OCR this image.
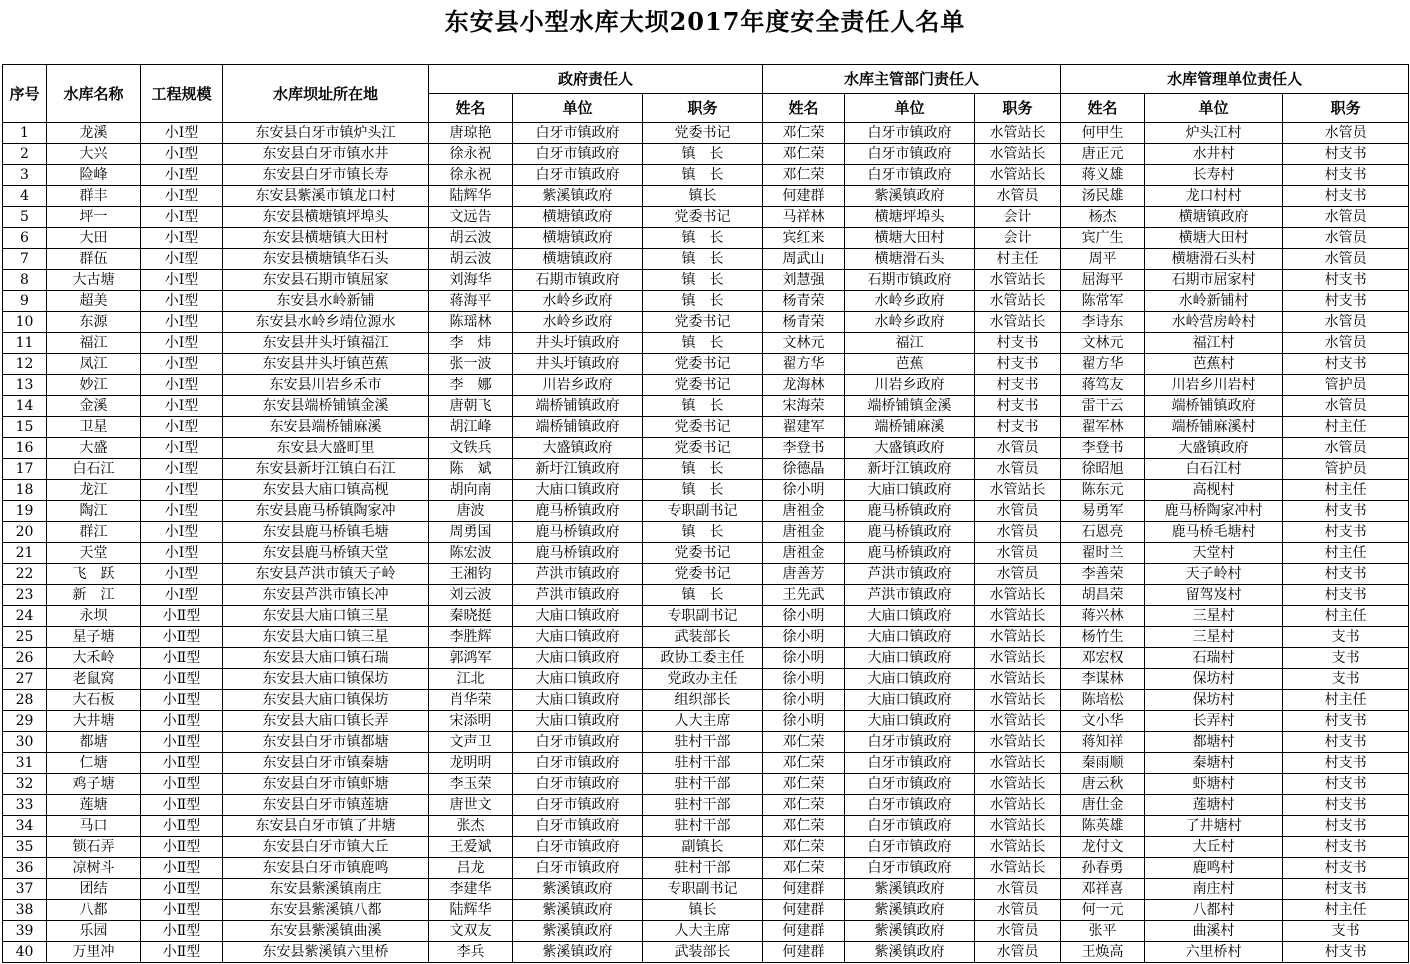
东安县小型水库大坝2017年度安全责任人名单
序号	水库名称	工程规模	水库坝址所在地	政府责任人			水库主管部门责任人			水库管理单位责任人		
				姓名	单位	职务	姓名	单位	职务	姓名	单位	职务
1	龙溪	小Ⅰ型	东安县白牙市镇炉头江	唐琼艳	白牙市镇政府	党委书记	邓仁荣	白牙市镇政府	水管站长	何甲生	炉头江村	水管员
2	大兴	小Ⅰ型	东安县白牙市镇水井	徐永祝	白牙市镇政府	镇　长	邓仁荣	白牙市镇政府	水管站长	唐正元	水井村	村支书
3	险峰	小Ⅰ型	东安县白牙市镇长寿	徐永祝	白牙市镇政府	镇　长	邓仁荣	白牙市镇政府	水管站长	蒋义雄	长寿村	村支书
4	群丰	小Ⅰ型	东安县紫溪市镇龙口村	陆辉华	紫溪镇政府	镇长	何建群	紫溪镇政府	水管员	汤民雄	龙口村村	村支书
5	坪一	小Ⅰ型	东安县横塘镇坪埠头	文远告	横塘镇政府	党委书记	马祥林	横塘坪埠头	会计	杨杰	横塘镇政府	水管员
6	大田	小Ⅰ型	东安县横塘镇大田村	胡云波	横塘镇政府	镇　长	宾红来	横塘大田村	会计	宾广生	横塘大田村	水管员
7	群伍	小Ⅰ型	东安县横塘镇华石头	胡云波	横塘镇政府	镇　长	周武山	横塘滑石头	村主任	周平	横塘滑石头村	水管员
8	大古塘	小Ⅰ型	东安县石期市镇屈家	刘海华	石期市镇政府	镇　长	刘慧强	石期市镇政府	水管站长	屈海平	石期市屈家村	村支书
9	超美	小Ⅰ型	东安县水岭新铺	蒋海平	水岭乡政府	镇　长	杨青荣	水岭乡政府	水管站长	陈常军	水岭新铺村	村支书
10	东源	小Ⅰ型	东安县水岭乡靖位源水	陈瑶林	水岭乡政府	党委书记	杨青荣	水岭乡政府	水管站长	李诗东	水岭营房岭村	水管员
11	福江	小Ⅰ型	东安县井头圩镇福江	李　炜	井头圩镇政府	镇　长	文林元	福江	村支书	文林元	福江村	水管员
12	凤江	小Ⅰ型	东安县井头圩镇芭蕉	张一波	井头圩镇政府	党委书记	翟方华	芭蕉	村支书	翟方华	芭蕉村	村支书
13	妙江	小Ⅰ型	东安县川岩乡禾市	李　娜	川岩乡政府	党委书记	龙海林	川岩乡政府	村支书	蒋笃友	川岩乡川岩村	管护员
14	金溪	小Ⅰ型	东安县端桥铺镇金溪	唐朝飞	端桥铺镇政府	镇　长	宋海荣	端桥铺镇金溪	村支书	雷干云	端桥铺镇政府	水管员
15	卫星	小Ⅰ型	东安县端桥铺麻溪	胡江峰	端桥铺镇政府	党委书记	翟建军	端桥铺麻溪	村支书	翟军林	端桥铺麻溪村	村主任
16	大盛	小Ⅰ型	东安县大盛町里	文铁兵	大盛镇政府	党委书记	李登书	大盛镇政府	水管员	李登书	大盛镇政府	水管员
17	白石江	小Ⅰ型	东安县新圩江镇白石江	陈　斌	新圩江镇政府	镇　长	徐德晶	新圩江镇政府	水管员	徐昭旭	白石江村	管护员
18	龙江	小Ⅰ型	东安县大庙口镇高枧	胡向南	大庙口镇政府	镇　长	徐小明	大庙口镇政府	水管站长	陈东元	高枧村	村主任
19	陶江	小Ⅰ型	东安县鹿马桥镇陶家冲	唐波	鹿马桥镇政府	专职副书记	唐祖金	鹿马桥镇政府	水管员	易勇军	鹿马桥陶家冲村	村支书
20	群江	小Ⅰ型	东安县鹿马桥镇毛塘	周勇国	鹿马桥镇政府	镇　长	唐祖金	鹿马桥镇政府	水管员	石恩亮	鹿马桥毛塘村	村支书
21	天堂	小Ⅰ型	东安县鹿马桥镇天堂	陈宏波	鹿马桥镇政府	党委书记	唐祖金	鹿马桥镇政府	水管员	翟时兰	天堂村	村主任
22	飞　跃	小Ⅰ型	东安县芦洪市镇天子岭	王湘钧	芦洪市镇政府	党委书记	唐善芳	芦洪市镇政府	水管员	李善荣	天子岭村	村支书
23	新　江	小Ⅰ型	东安县芦洪市镇长冲	刘云波	芦洪市镇政府	镇　长	王先武	芦洪市镇政府	水管站长	胡昌荣	留驾岌村	村支书
24	永坝	小Ⅱ型	东安县大庙口镇三星	秦晓挺	大庙口镇政府	专职副书记	徐小明	大庙口镇政府	水管站长	蒋兴林	三星村	村主任
25	星子塘	小Ⅱ型	东安县大庙口镇三星	李胜辉	大庙口镇政府	武装部长	徐小明	大庙口镇政府	水管站长	杨竹生	三星村	支书
26	大禾岭	小Ⅱ型	东安县大庙口镇石瑞	郭鸿军	大庙口镇政府	政协工委主任	徐小明	大庙口镇政府	水管站长	邓宏权	石瑞村	支书
27	老鼠窝	小Ⅱ型	东安县大庙口镇保坊	江北	大庙口镇政府	党政办主任	徐小明	大庙口镇政府	水管站长	李谋林	保坊村	支书
28	大石板	小Ⅱ型	东安县大庙口镇保坊	肖华荣	大庙口镇政府	组织部长	徐小明	大庙口镇政府	水管站长	陈培松	保坊村	村主任
29	大井塘	小Ⅱ型	东安县大庙口镇长弄	宋添明	大庙口镇政府	人大主席	徐小明	大庙口镇政府	水管站长	文小华	长弄村	村支书
30	都塘	小Ⅱ型	东安县白牙市镇都塘	文声卫	白牙市镇政府	驻村干部	邓仁荣	白牙市镇政府	水管站长	蒋知祥	都塘村	村支书
31	仁塘	小Ⅱ型	东安县白牙市镇秦塘	龙明明	白牙市镇政府	驻村干部	邓仁荣	白牙市镇政府	水管站长	秦雨顺	秦塘村	村支书
32	鸡子塘	小Ⅱ型	东安县白牙市镇虾塘	李玉荣	白牙市镇政府	驻村干部	邓仁荣	白牙市镇政府	水管站长	唐云秋	虾塘村	村支书
33	莲塘	小Ⅱ型	东安县白牙市镇莲塘	唐世文	白牙市镇政府	驻村干部	邓仁荣	白牙市镇政府	水管站长	唐仕金	莲塘村	村支书
34	马口	小Ⅱ型	东安县白牙市镇了井塘	张杰	白牙市镇政府	驻村干部	邓仁荣	白牙市镇政府	水管站长	陈英雄	了井塘村	村支书
35	锁石弄	小Ⅱ型	东安县白牙市镇大丘	王爱斌	白牙市镇政府	副镇长	邓仁荣	白牙市镇政府	水管站长	龙付文	大丘村	村支书
36	凉树斗	小Ⅱ型	东安县白牙市镇鹿鸣	吕龙	白牙市镇政府	驻村干部	邓仁荣	白牙市镇政府	水管站长	孙春勇	鹿鸣村	村支书
37	团结	小Ⅱ型	东安县紫溪镇南庄	李建华	紫溪镇政府	专职副书记	何建群	紫溪镇政府	水管员	邓祥喜	南庄村	村支书
38	八都	小Ⅱ型	东安县紫溪镇八都	陆辉华	紫溪镇政府	镇长	何建群	紫溪镇政府	水管员	何一元	八都村	村主任
39	乐园	小Ⅱ型	东安县紫溪镇曲溪	文双友	紫溪镇政府	人大主席	何建群	紫溪镇政府	水管员	张平	曲溪村	支书
40	万里冲	小Ⅱ型	东安县紫溪镇六里桥	李兵	紫溪镇政府	武装部长	何建群	紫溪镇政府	水管员	王焕高	六里桥村	村支书
